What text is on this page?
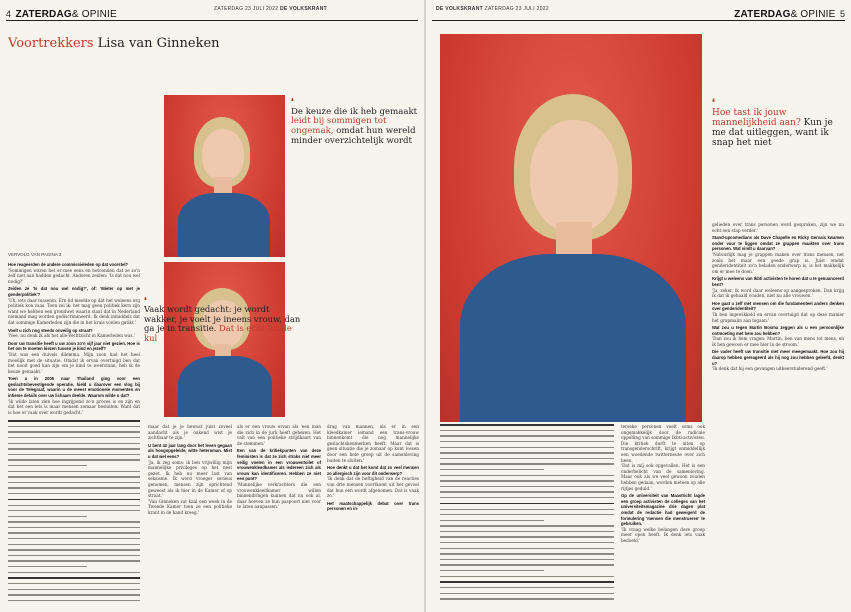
4 ZATERDAG& OPINIE	ZATERDAG 23 JULI 2022 DE VOLKSKRANT
Voortrekkers Lisa van Ginneken
❛
De keuze die ik heb gemaakt leidt bij sommigen tot ongemak, omdat hun wereld minder overzichtelijk wordt
❛
Vaak wordt gedacht: je wordt wakker, je voelt je ineens vrouw, dan ga je in transitie. Dat is echt totale kul
VERVOLG VAN PAGINA 3
Hoe reageerden de andere commissieleden op dat voorstel?

'Sommigen waren het er mee eens en betoonden dat ze zo'n zelf niet aan hadden gedacht. Anderen zeiden: 'Is dat nou wel nodig?'

Zeiden ze 'Is dat nou wel nodig?', of: 'Mieter op met je genderpolitiek'?

'Uh, iets daar tussenin. Ern lid meelde op dat het weleens erg politiek kon vaas. Toen zei ik: het mag geen politiek kern zijn want we hebben een grondwet waarin staat dat in Nederland niemand mag worden gediscrimineerd. Ik denk inmiddels dat dat sommige Kamerleden zijn die in het kruis voelen getikt.'

Voelt u zich nog steeds onveilig op straat?

'Nee, nu denk ik als het alle-Vechtzicht in Kamerleden was.'

Door uw transitie heeft u uw zoon zo'n vijf jaar niet gezien. Hoe is het om te moeten kiezen tussen je kind en jezelf?

'Dat was een duivels dilemma. Mijn zoon had het heel moeilijk met de situatie. Omdat ik ervan overtuigd ben dat het nooit goed kan zijn om je kind te weerstaan, heb ik de keuze gemaakt.'

Toen u in 2005 naar Thailand ging voor een geslachtsbevestigende operatie, hield u daarover een vlog bij voor de Telegraaf, waarin u de meest emotionele momenten en intieme details over uw lichaam deelde. Waarom wilde u dat?

'Ik wilde laten zien hoe ingrijpend zo'n proces is en zijn en dat het een lets is maar mensen zomaar besluiten. Want dat is hoe er vaak over wordt gedacht.'

maar dat je je bewust juist zoveel aandacht als je onkend wist je zichtbaar te zijn.'

U bent 42 jaar lang door het leven gegaan als hoogopgeleide, witte heteroman. Mist u dat wel eens?

'Ja, ik zeg soms: ik ben vrijwillig mijn mannelijke privileges op het nest gezet. Ik heb nu meer last van seksisme. Ik word vroeger serieus genomen, mensen zijn oprichtend geweest als ik hier in de Kamer of op straat.'

'Van Ginneken zat kaal een week in de Tweede Kamer toen ze een politieke krant in de hand kreeg.'

als er een vrouw ervan als 'een man die zich in de jurk heeft gehezen. Het valt van een politieke strijdkaart van de stemmen.'

Een van de kritiekpunten van deze feministen is dat ze zich straks niet meer veilig voelen in een vrouwentoilet of vrouwenkleedkamer als iedereen zich als vrouw kan identificeren. Hebben ze niet een punt?

'Mannelijke verkrachters die een vrouwenkleedkamer willen binnendringen kunnen dat nu ook al, daar hoeven ze hun paspoort niet voor te laten aanpassen.'

drag van mannen, als er in een kleedkamer iemand een trans-vrouw binnenkomt die nog mannelijke geslachtskenmerken heeft. Maar dat is geen situatie die je zomaar op kunt lossen door een hele groep uit de samenleving buiten te sluiten.'

Hoe denkt u dat het komt dat zo veel mensen zo allergisch zijn voor dit onderwerp?

'Ik denk dat de heftigheid van de reacties van drie mensen voortkomt uit het gevoel dat hun een wordt afgenomen. Dat is vaak zo.'

Het maatschappelijk debat over trans personen en in-
DE VOLKSKRANT ZATERDAG 23 JULI 2022	ZATERDAG& OPINIE 5
❛
Hoe tast ik jouw mannelijkheid aan? Kun je me dat uitleggen, want ik snap het niet

gelieden over trans personen werd gesproken, zijn we nu echt een stap verder.'

Stand-upcomedians als Dave Chapelle en Ricky Gervais kwamen onder vuur te liggen omdat ze grappen maakten over trans personen. Wat vindt u daarvan?

'Natuurlijk mag je grappen maken over trans mensen, net zoals het maar een goede grap is. Juist omdat genderidentiteit zo'n beladen onderwerp is, is het makkelijk om er mee te doen.'

Krijgt u weleens van Ikbti activisten te horen dat u te genuanceerd bent?

'Ja, zeker, ik word daar weleens op aangesproken. Dan krijg ik dat ik gebaald vouden, niet nu alle vrouwen.'

Hoe gaat u zelf met mensen om die fundamenteel anders denken over genderidentiteit?

'Ik ben ingewikkeld en ervan overtuigd dat op deze manier het grapmalin aan tegaan.'

Wat zou u tegen Martin Bosma zeggen als u een persoonlijke ontmoeting met hem zou hebben?

'Dan zou ik hem vragen: Martin, ben van mens tot mens, en ik ben gewoon er mee hier in de stroom.'

Die vader heeft uw transitie niet meer meegemaakt. Hoe zou hij daarop hebben gereageerd als hij nog zou hebben geleefd, denkt u?

'Ik denk dat hij een gevangen uitkeerstuderend geeft.'

terseke personen voelt soms ook ongemakkelijk door de radicale oppelling van sommige Ikbti-activisten. Die kritiek durft te uiten op transgenderschrift, krijgt onmiddellijk een woedende twitterneute over zich heen.

'Dat is mij ook opgevallen. Het is een onderbelicht van de samenleving. Maar ook als we veel gewoon zouden hebben gedaan, worden meteen op alle rijtjes geduld.'

Op de universiteit van Maastricht lagde een groep activisten de colleges van het universiteitsmagazine drie dagen plat omdat de redactie had geweigerd de formulering 'mensen die menstrueren' te gebruiken.

'Ik vraag welke belangen deze groep meer open heeft. Ik denk iets vaak bedoeld.'
